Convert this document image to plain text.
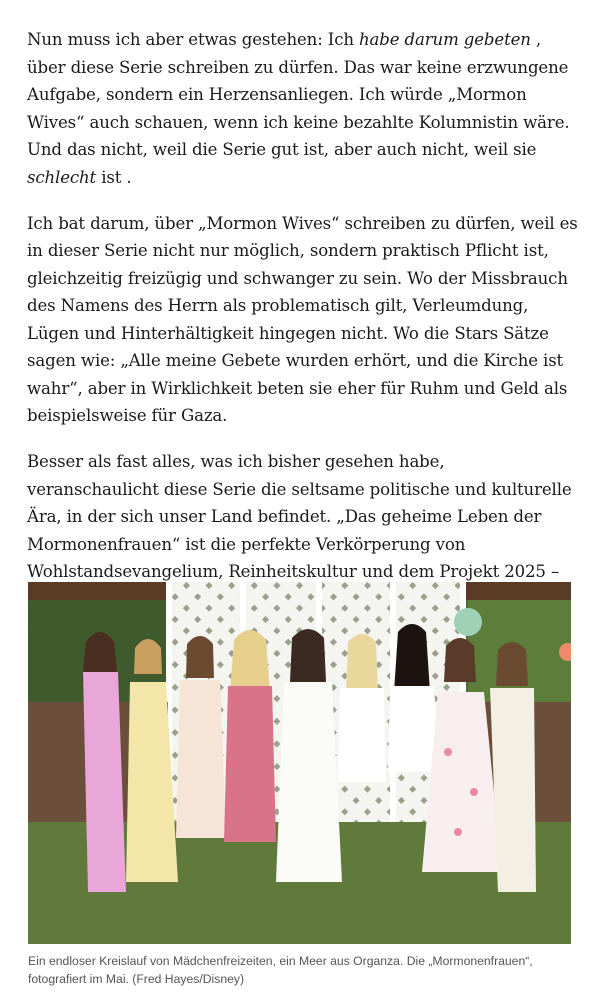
Nun muss ich aber etwas gestehen: Ich habe darum gebeten , über diese Serie schreiben zu dürfen. Das war keine erzwungene Aufgabe, sondern ein Herzensanliegen. Ich würde „Mormon Wives“ auch schauen, wenn ich keine bezahlte Kolumnistin wäre. Und das nicht, weil die Serie gut ist, aber auch nicht, weil sie schlecht ist .

Ich bat darum, über „Mormon Wives“ schreiben zu dürfen, weil es in dieser Serie nicht nur möglich, sondern praktisch Pflicht ist, gleichzeitig freizügig und schwanger zu sein. Wo der Missbrauch des Namens des Herrn als problematisch gilt, Verleumdung, Lügen und Hinterhältigkeit hingegen nicht. Wo die Stars Sätze sagen wie: „Alle meine Gebete wurden erhört, und die Kirche ist wahr“, aber in Wirklichkeit beten sie eher für Ruhm und Geld als beispielsweise für Gaza.

Besser als fast alles, was ich bisher gesehen habe, veranschaulicht diese Serie die seltsame politische und kulturelle Ära, in der sich unser Land befindet. „Das geheime Leben der Mormonenfrauen“ ist die perfekte Verkörperung von Wohlstandsevangelium, Reinheitskultur und dem Projekt 2025 –

Ein endloser Kreislauf von Mädchenfreizeiten, ein Meer aus Organza. Die „Mormonenfrauen“, fotografiert im Mai. (Fred Hayes/Disney)
